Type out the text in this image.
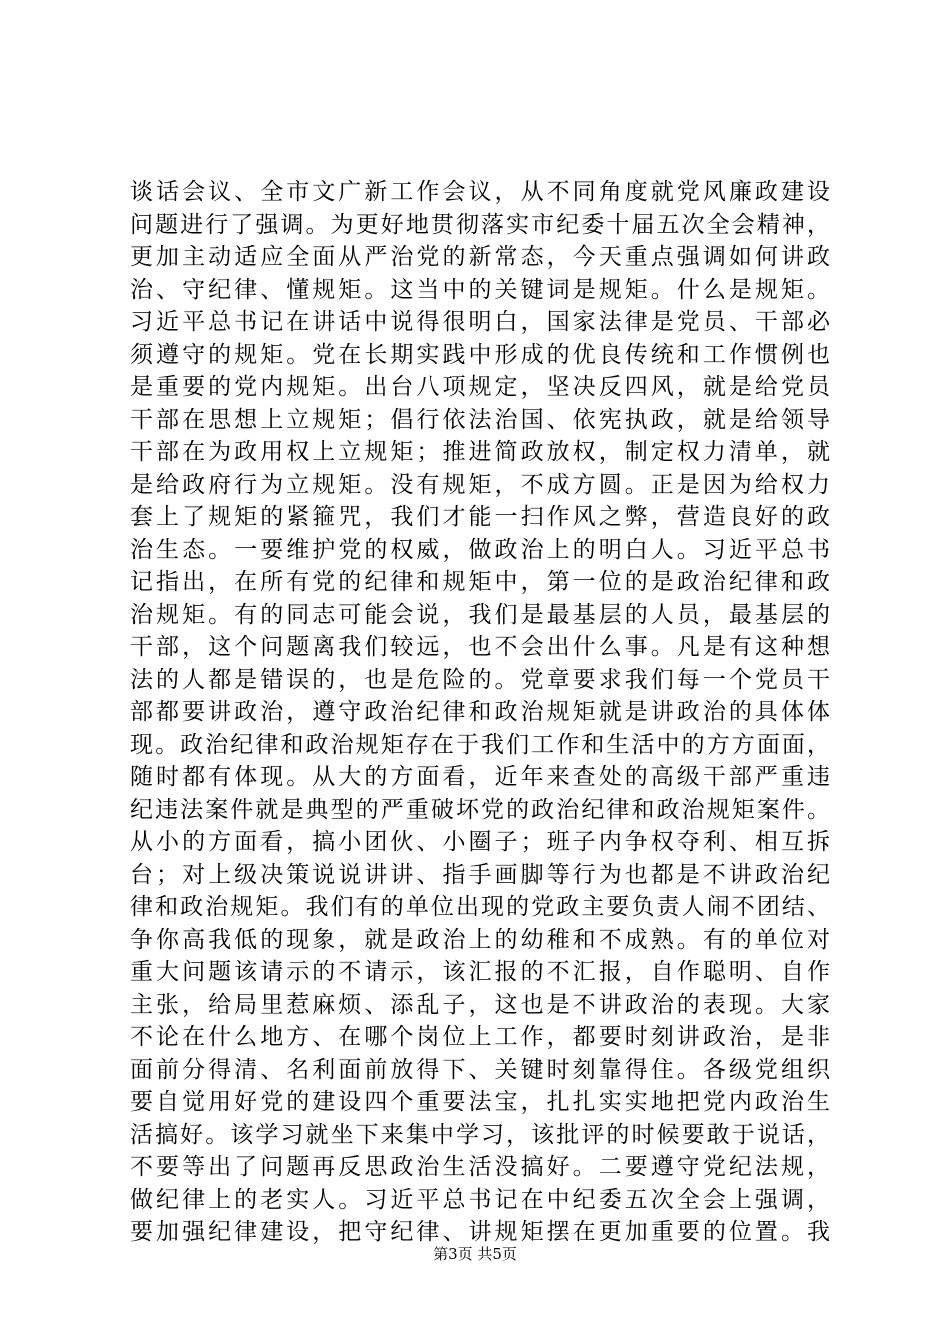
谈话会议、全市文广新工作会议，从不同角度就党风廉政建设
问题进行了强调。为更好地贯彻落实市纪委十届五次全会精神，
更加主动适应全面从严治党的新常态，今天重点强调如何讲政
治、守纪律、懂规矩。这当中的关键词是规矩。什么是规矩。
习近平总书记在讲话中说得很明白，国家法律是党员、干部必
须遵守的规矩。党在长期实践中形成的优良传统和工作惯例也
是重要的党内规矩。出台八项规定，坚决反四风，就是给党员
干部在思想上立规矩；倡行依法治国、依宪执政，就是给领导
干部在为政用权上立规矩；推进简政放权，制定权力清单，就
是给政府行为立规矩。没有规矩，不成方圆。正是因为给权力
套上了规矩的紧箍咒，我们才能一扫作风之弊，营造良好的政
治生态。一要维护党的权威，做政治上的明白人。习近平总书
记指出，在所有党的纪律和规矩中，第一位的是政治纪律和政
治规矩。有的同志可能会说，我们是最基层的人员，最基层的
干部，这个问题离我们较远，也不会出什么事。凡是有这种想
法的人都是错误的，也是危险的。党章要求我们每一个党员干
部都要讲政治，遵守政治纪律和政治规矩就是讲政治的具体体
现。政治纪律和政治规矩存在于我们工作和生活中的方方面面，
随时都有体现。从大的方面看，近年来查处的高级干部严重违
纪违法案件就是典型的严重破坏党的政治纪律和政治规矩案件。
从小的方面看，搞小团伙、小圈子；班子内争权夺利、相互拆
台；对上级决策说说讲讲、指手画脚等行为也都是不讲政治纪
律和政治规矩。我们有的单位出现的党政主要负责人闹不团结、
争你高我低的现象，就是政治上的幼稚和不成熟。有的单位对
重大问题该请示的不请示，该汇报的不汇报，自作聪明、自作
主张，给局里惹麻烦、添乱子，这也是不讲政治的表现。大家
不论在什么地方、在哪个岗位上工作，都要时刻讲政治，是非
面前分得清、名利面前放得下、关键时刻靠得住。各级党组织
要自觉用好党的建设四个重要法宝，扎扎实实地把党内政治生
活搞好。该学习就坐下来集中学习，该批评的时候要敢于说话，
不要等出了问题再反思政治生活没搞好。二要遵守党纪法规，
做纪律上的老实人。习近平总书记在中纪委五次全会上强调，
要加强纪律建设，把守纪律、讲规矩摆在更加重要的位置。我
第3页 共5页
